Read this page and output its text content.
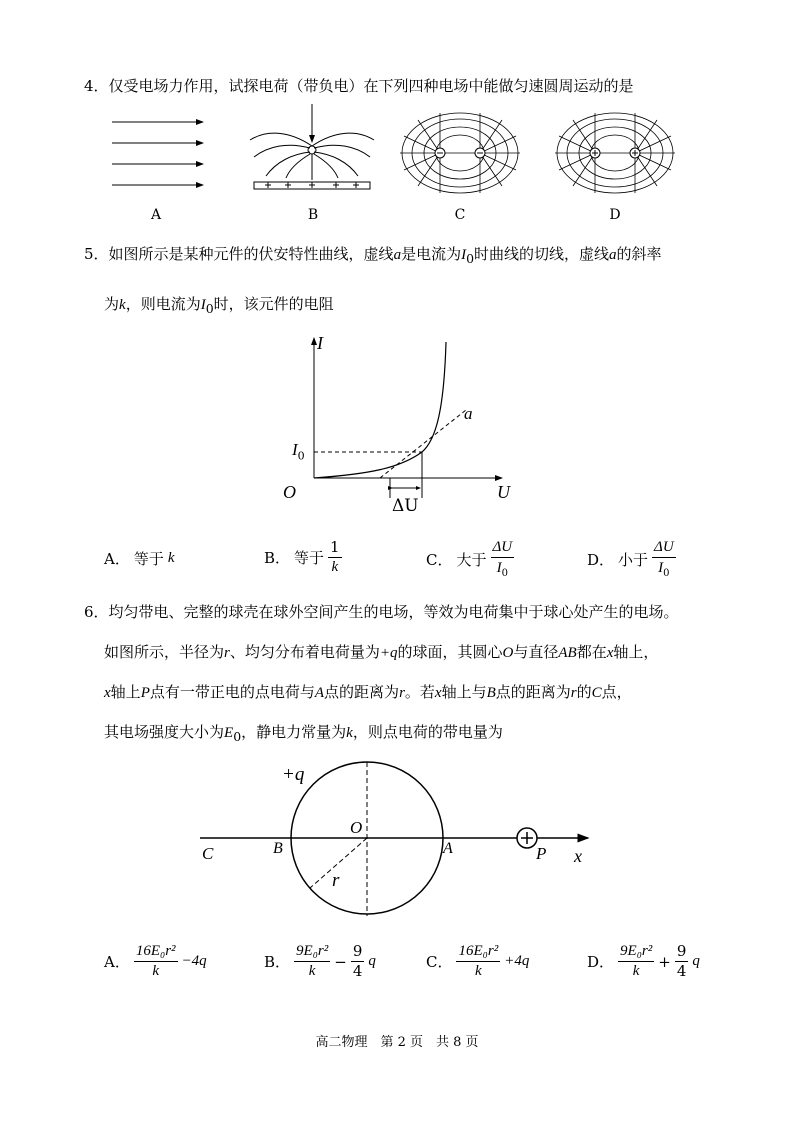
4．仅受电场力作用，试探电荷（带负电）在下列四种电场中能做匀速圆周运动的是
A	B	C	D
5．如图所示是某种元件的伏安特性曲线，虚线a是电流为$I_0$时曲线的切线，虚线a的斜率
为k，则电流为$I_0$时，该元件的电阻
I
U
O
$I_0$
a
ΔU
A． 等于 k	B． 等于 $\frac{1}{k}$	C． 大于 $\frac{\Delta U}{I_0}$	D． 小于 $\frac{\Delta U}{I_0}$
6．均匀带电、完整的球壳在球外空间产生的电场，等效为电荷集中于球心处产生的电场。
如图所示，半径为r、均匀分布着电荷量为+q的球面，其圆心O与直径AB都在x轴上，
x轴上P点有一带正电的点电荷与A点的距离为r。若x轴上与B点的距离为r的C点，
其电场强度大小为$E_0$，静电力常量为k，则点电荷的带电量为
+q
O
C	B	A	P x
r
A． $\frac{\text{16E₀r²}}{k} -4q$	B． $\frac{\text{9E₀r²}}{k} - \frac{9}{4}$ q	C． $\frac{\text{16E₀r²}}{k} +4q$	D． $\frac{\text{9E₀r²}}{k} + \frac{9}{4}$ q
高二物理　第 2 页　共 8 页
